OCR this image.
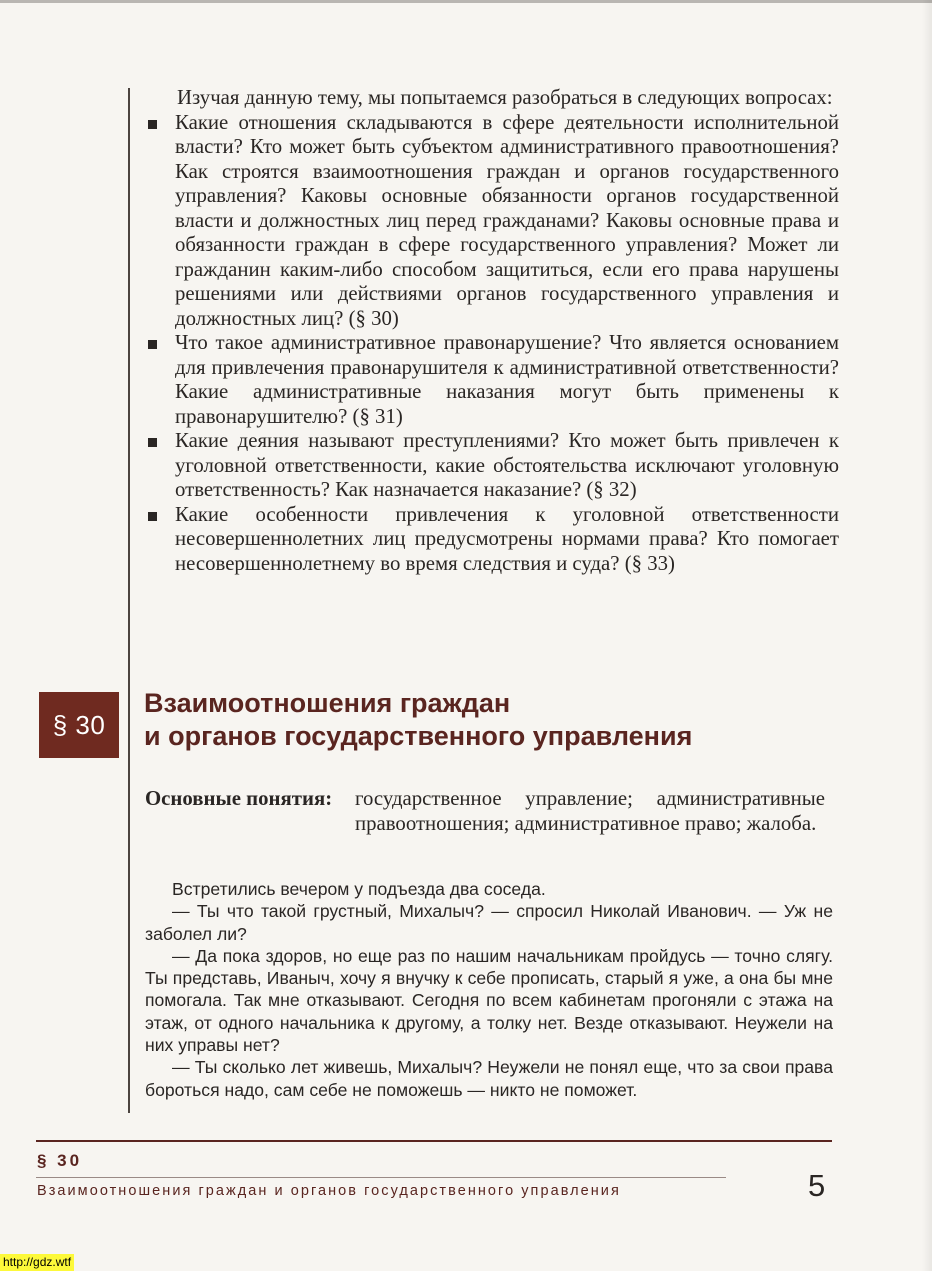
Изучая данную тему, мы попытаемся разобраться в следующих вопросах:

Какие отношения складываются в сфере деятельности исполнительной власти? Кто может быть субъектом административного правоотношения? Как строятся взаимоотношения граждан и органов государственного управления? Каковы основные обязанности органов государственной власти и должностных лиц перед гражданами? Каковы основные права и обязанности граждан в сфере государственного управления? Может ли гражданин каким-либо способом защититься, если его права нарушены решениями или действиями органов государственного управления и должностных лиц? (§ 30)
Что такое административное правонарушение? Что является основанием для привлечения правонарушителя к административной ответственности? Какие административные наказания могут быть применены к правонарушителю? (§ 31)
Какие деяния называют преступлениями? Кто может быть привлечен к уголовной ответственности, какие обстоятельства исключают уголовную ответственность? Как назначается наказание? (§ 32)
Какие особенности привлечения к уголовной ответственности несовершеннолетних лиц предусмотрены нормами права? Кто помогает несовершеннолетнему во время следствия и суда? (§ 33)
§ 30
Взаимоотношения граждан
и органов государственного управления
Основные понятия:	государственное управление; административные правоотношения; административное право; жалоба.

Встретились вечером у подъезда два соседа.

— Ты что такой грустный, Михалыч? — спросил Николай Иванович. — Уж не заболел ли?

— Да пока здоров, но еще раз по нашим начальникам пройдусь — точно слягу. Ты представь, Иваныч, хочу я внучку к себе прописать, старый я уже, а она бы мне помогала. Так мне отказывают. Сегодня по всем кабинетам прогоняли с этажа на этаж, от одного начальника к другому, а толку нет. Везде отказывают. Неужели на них управы нет?

— Ты сколько лет живешь, Михалыч? Неужели не понял еще, что за свои права бороться надо, сам себе не поможешь — никто не поможет.

§ 30
Взаимоотношения граждан и органов государственного управления	5
http://gdz.wtf
